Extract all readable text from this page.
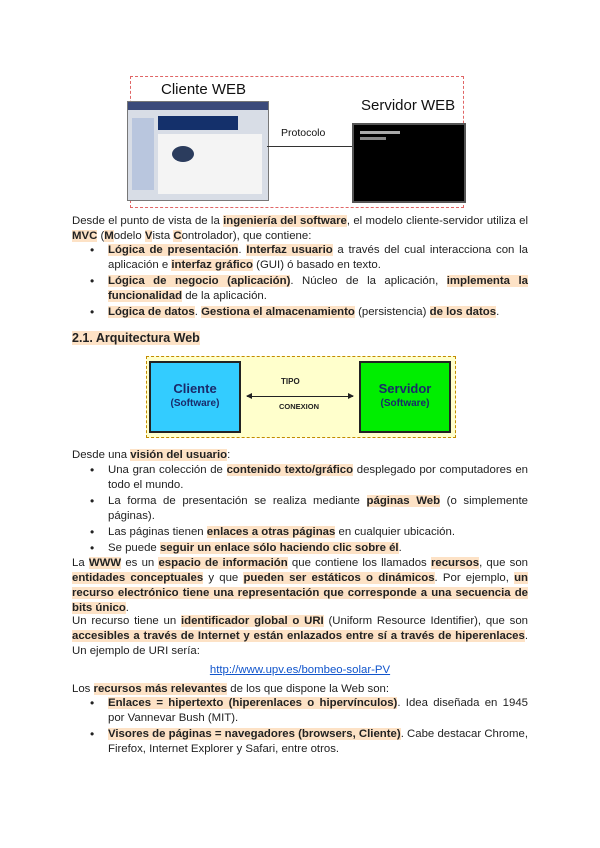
Cliente WEB
Servidor WEB
Protocolo
Desde el punto de vista de la ingeniería del software, el modelo cliente-servidor utiliza el MVC (Modelo Vista Controlador), que contiene:
• Lógica de presentación. Interfaz usuario a través del cual interacciona con la aplicación e interfaz gráfico (GUI) ó basado en texto.
• Lógica de negocio (aplicación). Núcleo de la aplicación, implementa la funcionalidad de la aplicación.
• Lógica de datos. Gestiona el almacenamiento (persistencia) de los datos.
2.1. Arquitectura Web
Cliente
(Software)
TIPO
CONEXION
Servidor
(Software)
Desde una visión del usuario:
• Una gran colección de contenido texto/gráfico desplegado por computadores en todo el mundo.
• La forma de presentación se realiza mediante páginas Web (o simplemente páginas).
• Las páginas tienen enlaces a otras páginas en cualquier ubicación.
• Se puede seguir un enlace sólo haciendo clic sobre él.
La WWW es un espacio de información que contiene los llamados recursos, que son entidades conceptuales y que pueden ser estáticos o dinámicos. Por ejemplo, un recurso electrónico tiene una representación que corresponde a una secuencia de bits único.
Un recurso tiene un identificador global o URI (Uniform Resource Identifier), que son accesibles a través de Internet y están enlazados entre sí a través de hiperenlaces. Un ejemplo de URI sería:
http://www.upv.es/bombeo-solar-PV
Los recursos más relevantes de los que dispone la Web son:
• Enlaces = hipertexto (hiperenlaces o hipervínculos). Idea diseñada en 1945 por Vannevar Bush (MIT).
• Visores de páginas = navegadores (browsers, Cliente). Cabe destacar Chrome, Firefox, Internet Explorer y Safari, entre otros.
